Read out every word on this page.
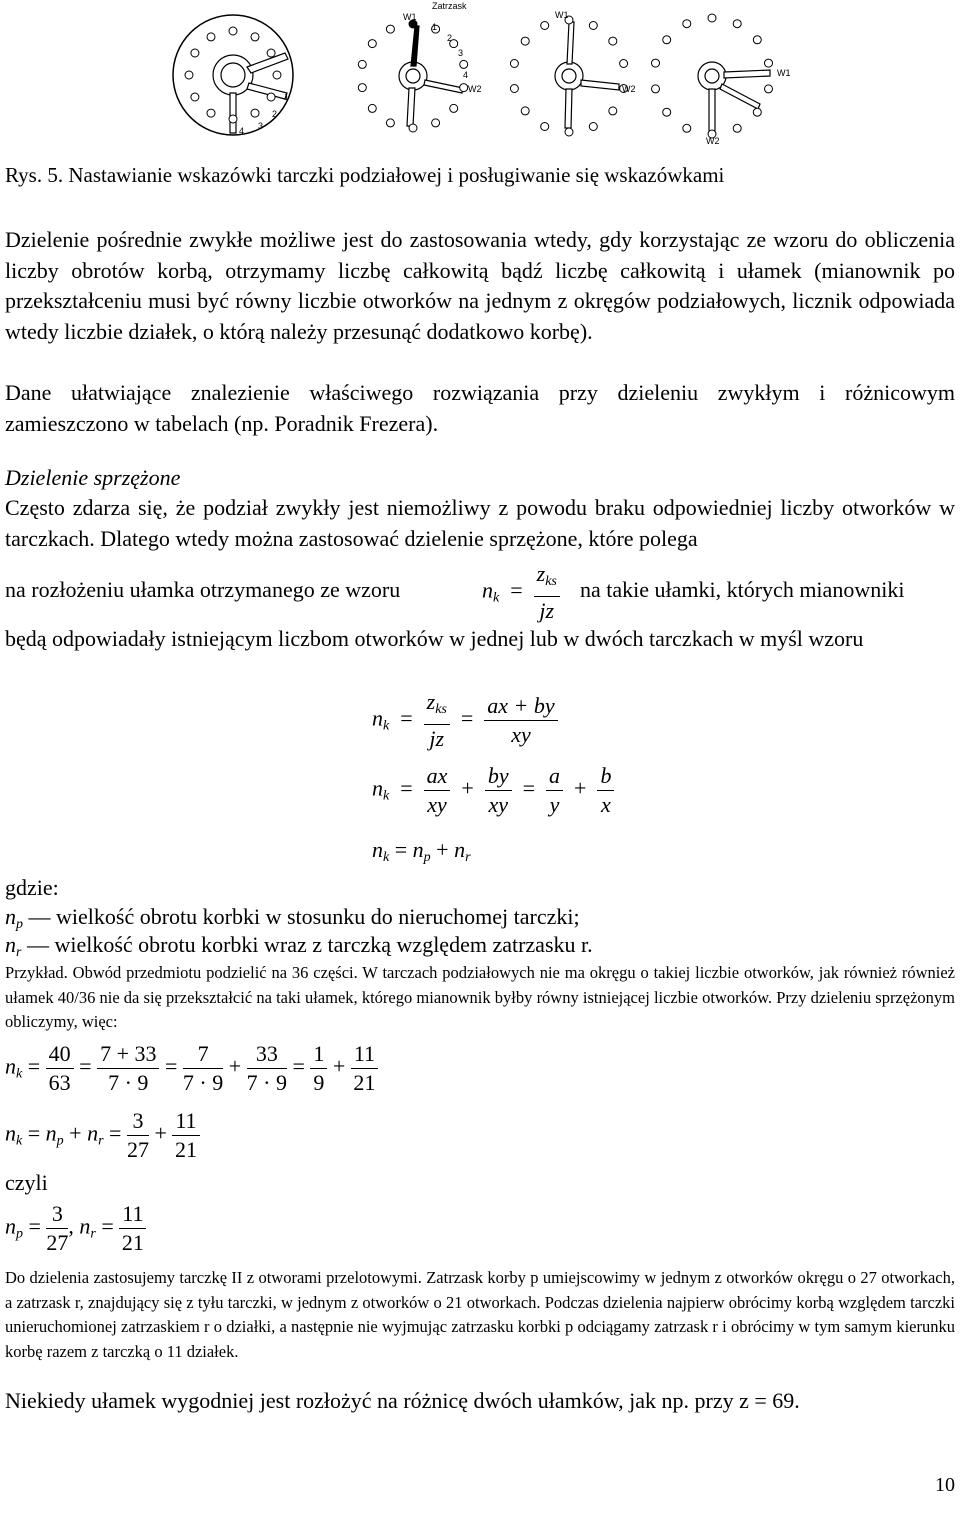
W1
Zatrzask
1
2
3
4
W2
W1
W2
W1
W2
1
2
3
4
Rys. 5. Nastawianie wskazówki tarczki podziałowej i posługiwanie się wskazówkami
Dzielenie pośrednie zwykłe możliwe jest do zastosowania wtedy, gdy korzystając ze wzoru do obliczenia liczby obrotów korbą, otrzymamy liczbę całkowitą bądź liczbę całkowitą i ułamek (mianownik po przekształceniu musi być równy liczbie otworków na jednym z okręgów podziałowych, licznik odpowiada wtedy liczbie działek, o którą należy przesunąć dodatkowo korbę).
Dane ułatwiające znalezienie właściwego rozwiązania przy dzieleniu zwykłym i różnicowym zamieszczono w tabelach (np. Poradnik Frezera).
Dzielenie sprzężone
Często zdarza się, że podział zwykły jest niemożliwy z powodu braku odpowiedniej liczby otworków w tarczkach. Dlatego wtedy można zastosować dzielenie sprzężone, które polega
na rozłożeniu ułamka otrzymanego ze wzoru	$n_k = \frac{\text{zks}}{jz}$ na takie ułamki, których mianowniki
będą odpowiadały istniejącym liczbom otworków w jednej lub w dwóch tarczkach w myśl wzoru
$n_k = \frac{\text{zks}}{jz} = \frac{ax + by}{xy}$
$n_k = \frac{ax}{xy} + \frac{by}{xy} = \frac{a}{y} + \frac{b}{x}$
$n_k = n_p + n_r$
gdzie:
np — wielkość obrotu korbki w stosunku do nieruchomej tarczki;
nr — wielkość obrotu korbki wraz z tarczką względem zatrzasku r.
Przykład. Obwód przedmiotu podzielić na 36 części. W tarczach podziałowych nie ma okręgu o takiej liczbie otworków, jak również również ułamek 40/36 nie da się przekształcić na taki ułamek, którego mianownik byłby równy istniejącej liczbie otworków. Przy dzieleniu sprzężonym obliczymy, więc:
$n_k = \frac{40}{63} = \frac{7 + 33}{7 \cdot 9} = \frac{7}{7 \cdot 9} + \frac{33}{7 \cdot 9} = \frac{1}{9} + \frac{11}{21}$
$n_k = n_p + n_r = \frac{3}{27} + \frac{11}{21}$
czyli
$n_p = \frac{3}{27}$ , $n_r = \frac{11}{21}$
Do dzielenia zastosujemy tarczkę II z otworami przelotowymi. Zatrzask korby p umiejscowimy w jednym z otworków okręgu o 27 otworkach, a zatrzask r, znajdujący się z tyłu tarczki, w jednym z otworków o 21 otworkach. Podczas dzielenia najpierw obrócimy korbą względem tarczki unieruchomionej zatrzaskiem r o działki, a następnie nie wyjmując zatrzasku korbki p odciągamy zatrzask r i obrócimy w tym samym kierunku korbę razem z tarczką o 11 działek.
Niekiedy ułamek wygodniej jest rozłożyć na różnicę dwóch ułamków, jak np. przy z = 69.
10
